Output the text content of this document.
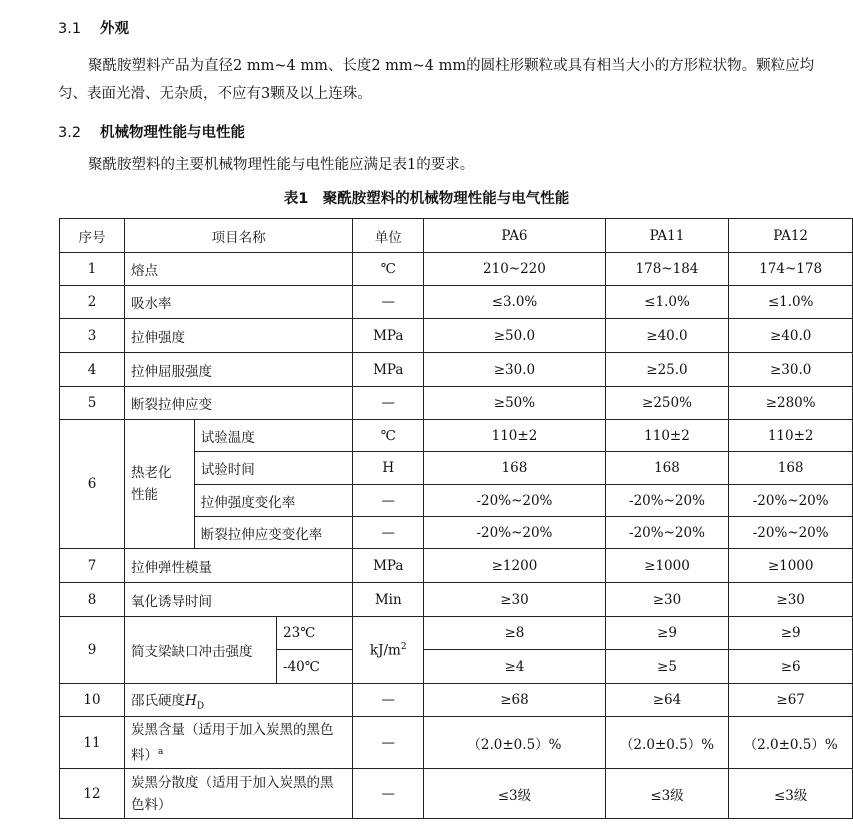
3.1 外观
聚酰胺塑料产品为直径2 mm~4 mm、长度2 mm~4 mm的圆柱形颗粒或具有相当大小的方形粒状物。颗粒应均匀、表面光滑、无杂质，不应有3颗及以上连珠。
3.2 机械物理性能与电性能
聚酰胺塑料的主要机械物理性能与电性能应满足表1的要求。
表1　聚酰胺塑料的机械物理性能与电气性能
序号	项目名称			单位	PA6	PA11	PA12
1	熔点			℃	210~220	178~184	174~178
2	吸水率			—	≤3.0%	≤1.0%	≤1.0%
3	拉伸强度			MPa	≥50.0	≥40.0	≥40.0
4	拉伸屈服强度			MPa	≥30.0	≥25.0	≥30.0
5	断裂拉伸应变			—	≥50%	≥250%	≥280%
6	热老化性能	试验温度		℃	110±2	110±2	110±2
		试验时间		H	168	168	168
		拉伸强度变化率		—	-20%~20%	-20%~20%	-20%~20%
		断裂拉伸应变变化率		—	-20%~20%	-20%~20%	-20%~20%
7	拉伸弹性模量			MPa	≥1200	≥1000	≥1000
8	氧化诱导时间			Min	≥30	≥30	≥30
9	简支梁缺口冲击强度		23℃	$kJ/m^2$	≥8	≥9	≥9
			-40℃		≥4	≥5	≥6
10	邵氏硬度$H_D$			—	≥68	≥64	≥67
11	炭黑含量（适用于加入炭黑的黑色料）$^a$			—	（2.0±0.5）%	（2.0±0.5）%	（2.0±0.5）%
12	炭黑分散度（适用于加入炭黑的黑色料）			—	≤3级	≤3级	≤3级
